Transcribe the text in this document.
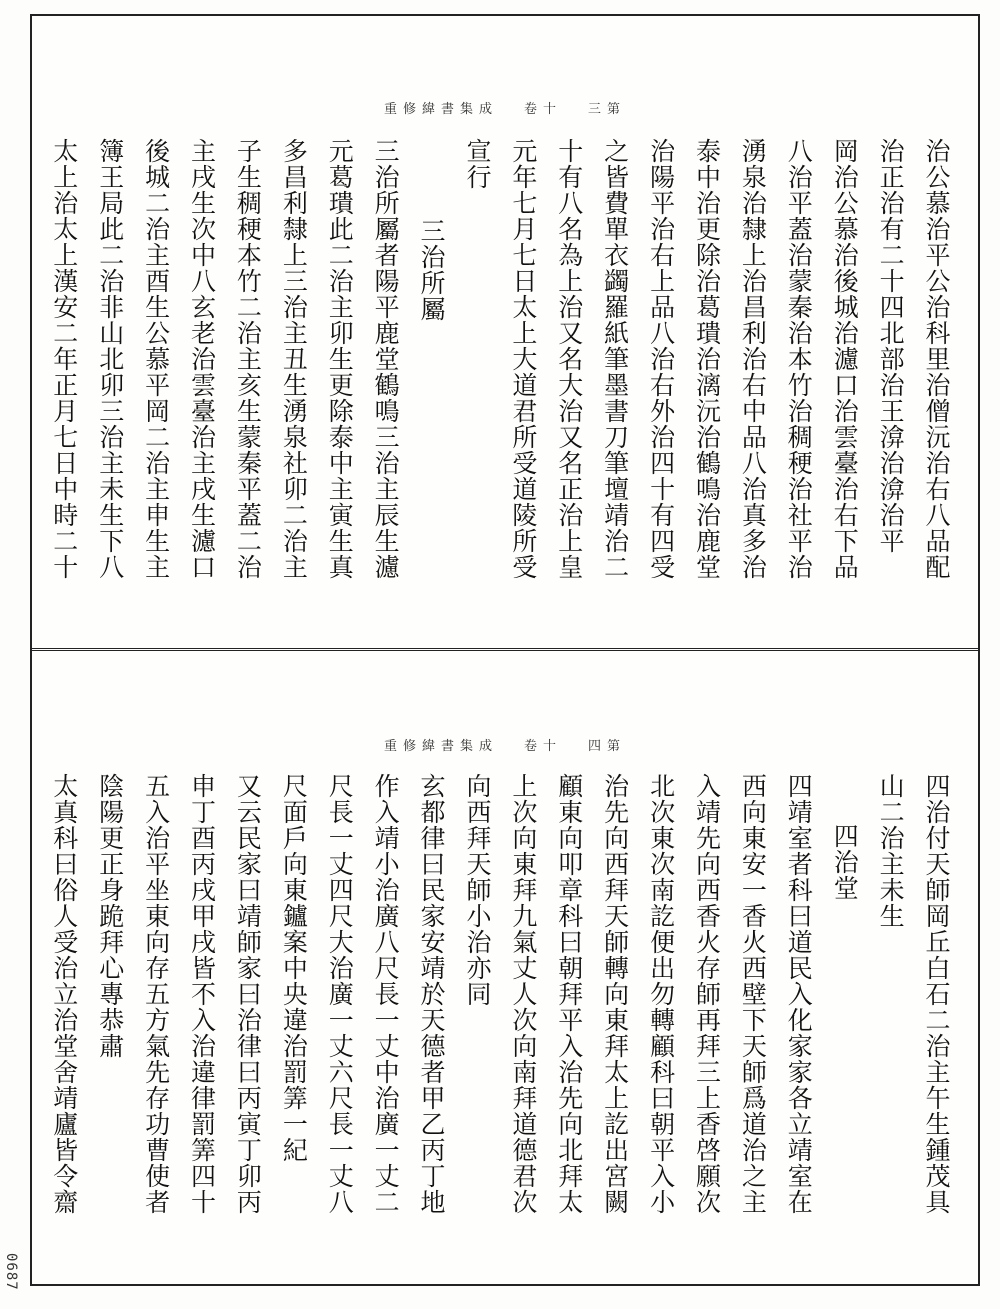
重修緯書集成 卷十 三第
治公慕治平公治科里治僧沅治右八品配
治正治有二十四北部治王渰治渰治平
岡治公慕治後城治濾口治雲臺治右下品
八治平蓋治蒙秦治本竹治稠稉治社平治
湧泉治隸上治昌利治右中品八治真多治
泰中治更除治葛璝治漓沅治鶴鳴治鹿堂
治陽平治右上品八治右外治四十有四受
之皆費單衣蠲羅紙筆墨書刀筆壇靖治二
十有八名為上治又名大治又名正治上皇
元年七月七日太上大道君所受道陵所受
宣行
三治所屬
三治所屬者陽平鹿堂鶴鳴三治主辰生濾
元葛璝此二治主卯生更除泰中主寅生真
多昌利隸上三治主丑生湧泉社卯二治主
子生稠稉本竹二治主亥生蒙秦平蓋二治
主戌生次中八玄老治雲臺治主戌生濾口
後城二治主酉生公慕平岡二治主申生主
簿王局此二治非山北卯三治主未生下八
太上治太上漢安二年正月七日中時二十
重修緯書集成 卷十 四第
四治付天師岡丘白石二治主午生鍾茂具
山二治主未生
四治堂
四靖室者科曰道民入化家家各立靖室在
西向東安一香火西壁下天師爲道治之主
入靖先向西香火存師再拜三上香啓願次
北次東次南訖便出勿轉顧科曰朝平入小
治先向西拜天師轉向東拜太上訖出宮闕
顧東向叩章科曰朝拜平入治先向北拜太
上次向東拜九氣丈人次向南拜道德君次
向西拜天師小治亦同
玄都律曰民家安靖於天德者甲乙丙丁地
作入靖小治廣八尺長一丈中治廣一丈二
尺長一丈四尺大治廣一丈六尺長一丈八
尺面戶向東鑪案中央違治罰筭一紀
又云民家曰靖師家曰治律曰丙寅丁卯丙
申丁酉丙戌甲戌皆不入治違律罰筭四十
五入治平坐東向存五方氣先存功曹使者
陰陽更正身跪拜心專恭肅
太真科曰俗人受治立治堂舍靖廬皆令齋
0687
